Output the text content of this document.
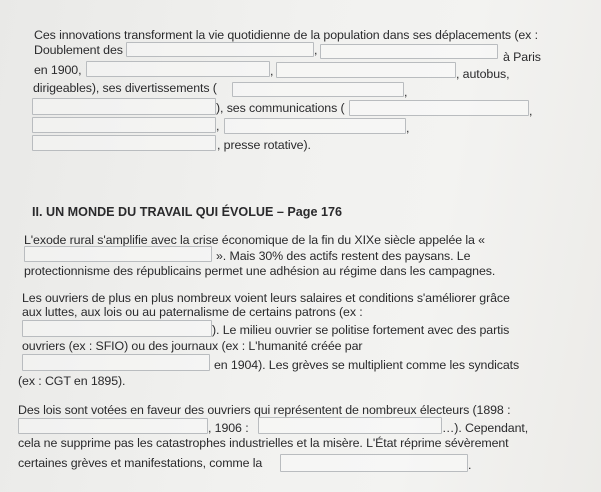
Ces innovations transforment la vie quotidienne de la population dans ses déplacements (ex :
Doublement des	,	à Paris
en 1900,	,	, autobus,
dirigeables), ses divertissements (	,
), ses communications (	,
,	,
, presse rotative).
II. UN MONDE DU TRAVAIL QUI ÉVOLUE – Page 176
L'exode rural s'amplifie avec la crise économique de la fin du XIXe siècle appelée la «
». Mais 30% des actifs restent des paysans. Le
protectionnisme des républicains permet une adhésion au régime dans les campagnes.
Les ouvriers de plus en plus nombreux voient leurs salaires et conditions s'améliorer grâce
aux luttes, aux lois ou au paternalisme de certains patrons (ex :
). Le milieu ouvrier se politise fortement avec des partis
ouvriers (ex : SFIO) ou des journaux (ex : L'humanité créée par
en 1904). Les grèves se multiplient comme les syndicats
(ex : CGT en 1895).
Des lois sont votées en faveur des ouvriers qui représentent de nombreux électeurs (1898 :
, 1906 :	…). Cependant,
cela ne supprime pas les catastrophes industrielles et la misère. L'État réprime sévèrement
certaines grèves et manifestations, comme la	.
